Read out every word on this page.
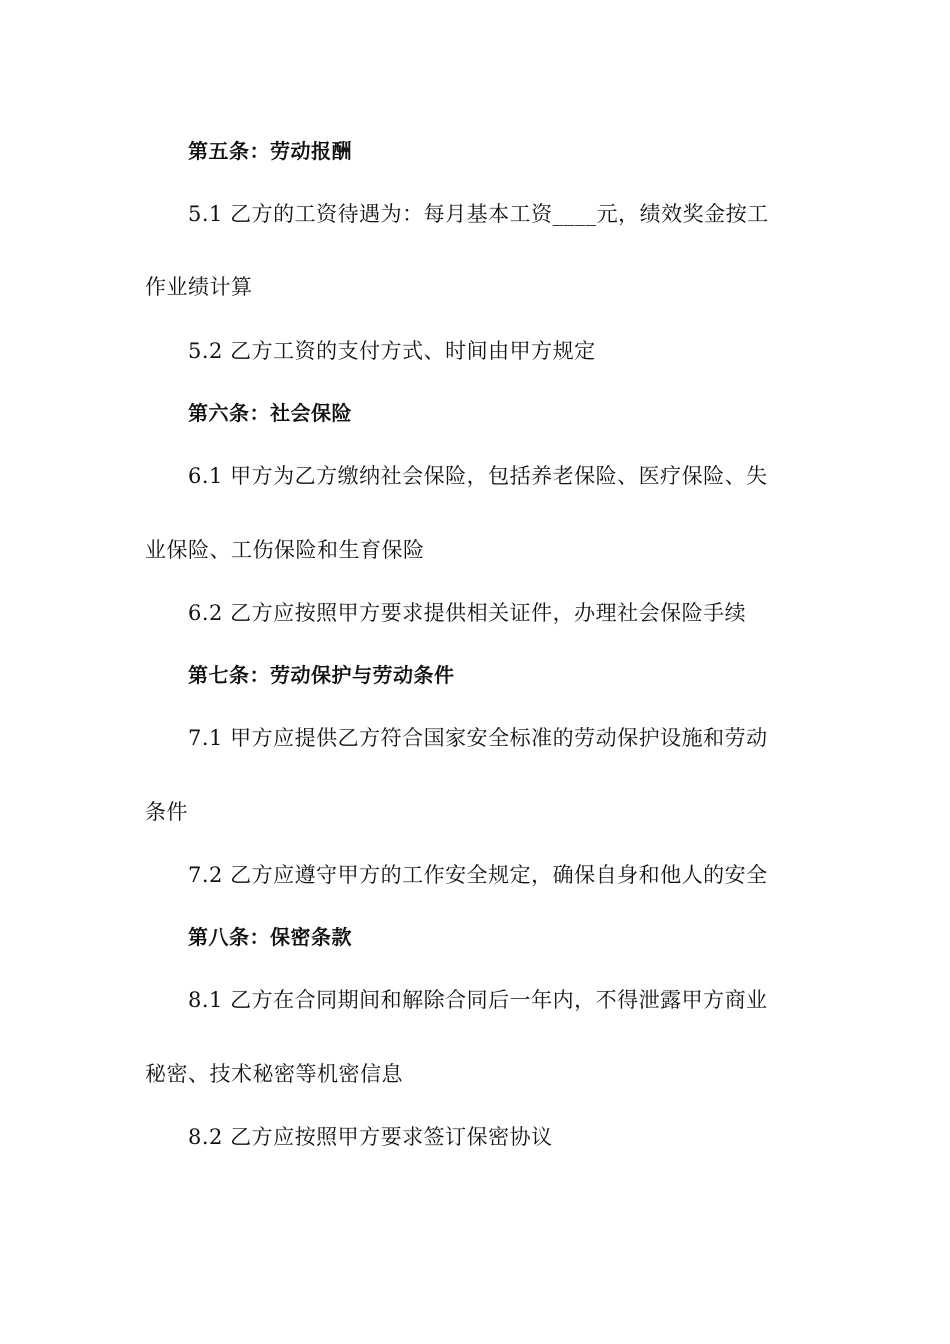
第五条：劳动报酬
5.1 乙方的工资待遇为：每月基本工资____元，绩效奖金按工
作业绩计算
5.2 乙方工资的支付方式、时间由甲方规定
第六条：社会保险
6.1 甲方为乙方缴纳社会保险，包括养老保险、医疗保险、失
业保险、工伤保险和生育保险
6.2 乙方应按照甲方要求提供相关证件，办理社会保险手续
第七条：劳动保护与劳动条件
7.1 甲方应提供乙方符合国家安全标准的劳动保护设施和劳动
条件
7.2 乙方应遵守甲方的工作安全规定，确保自身和他人的安全
第八条：保密条款
8.1 乙方在合同期间和解除合同后一年内，不得泄露甲方商业
秘密、技术秘密等机密信息
8.2 乙方应按照甲方要求签订保密协议
